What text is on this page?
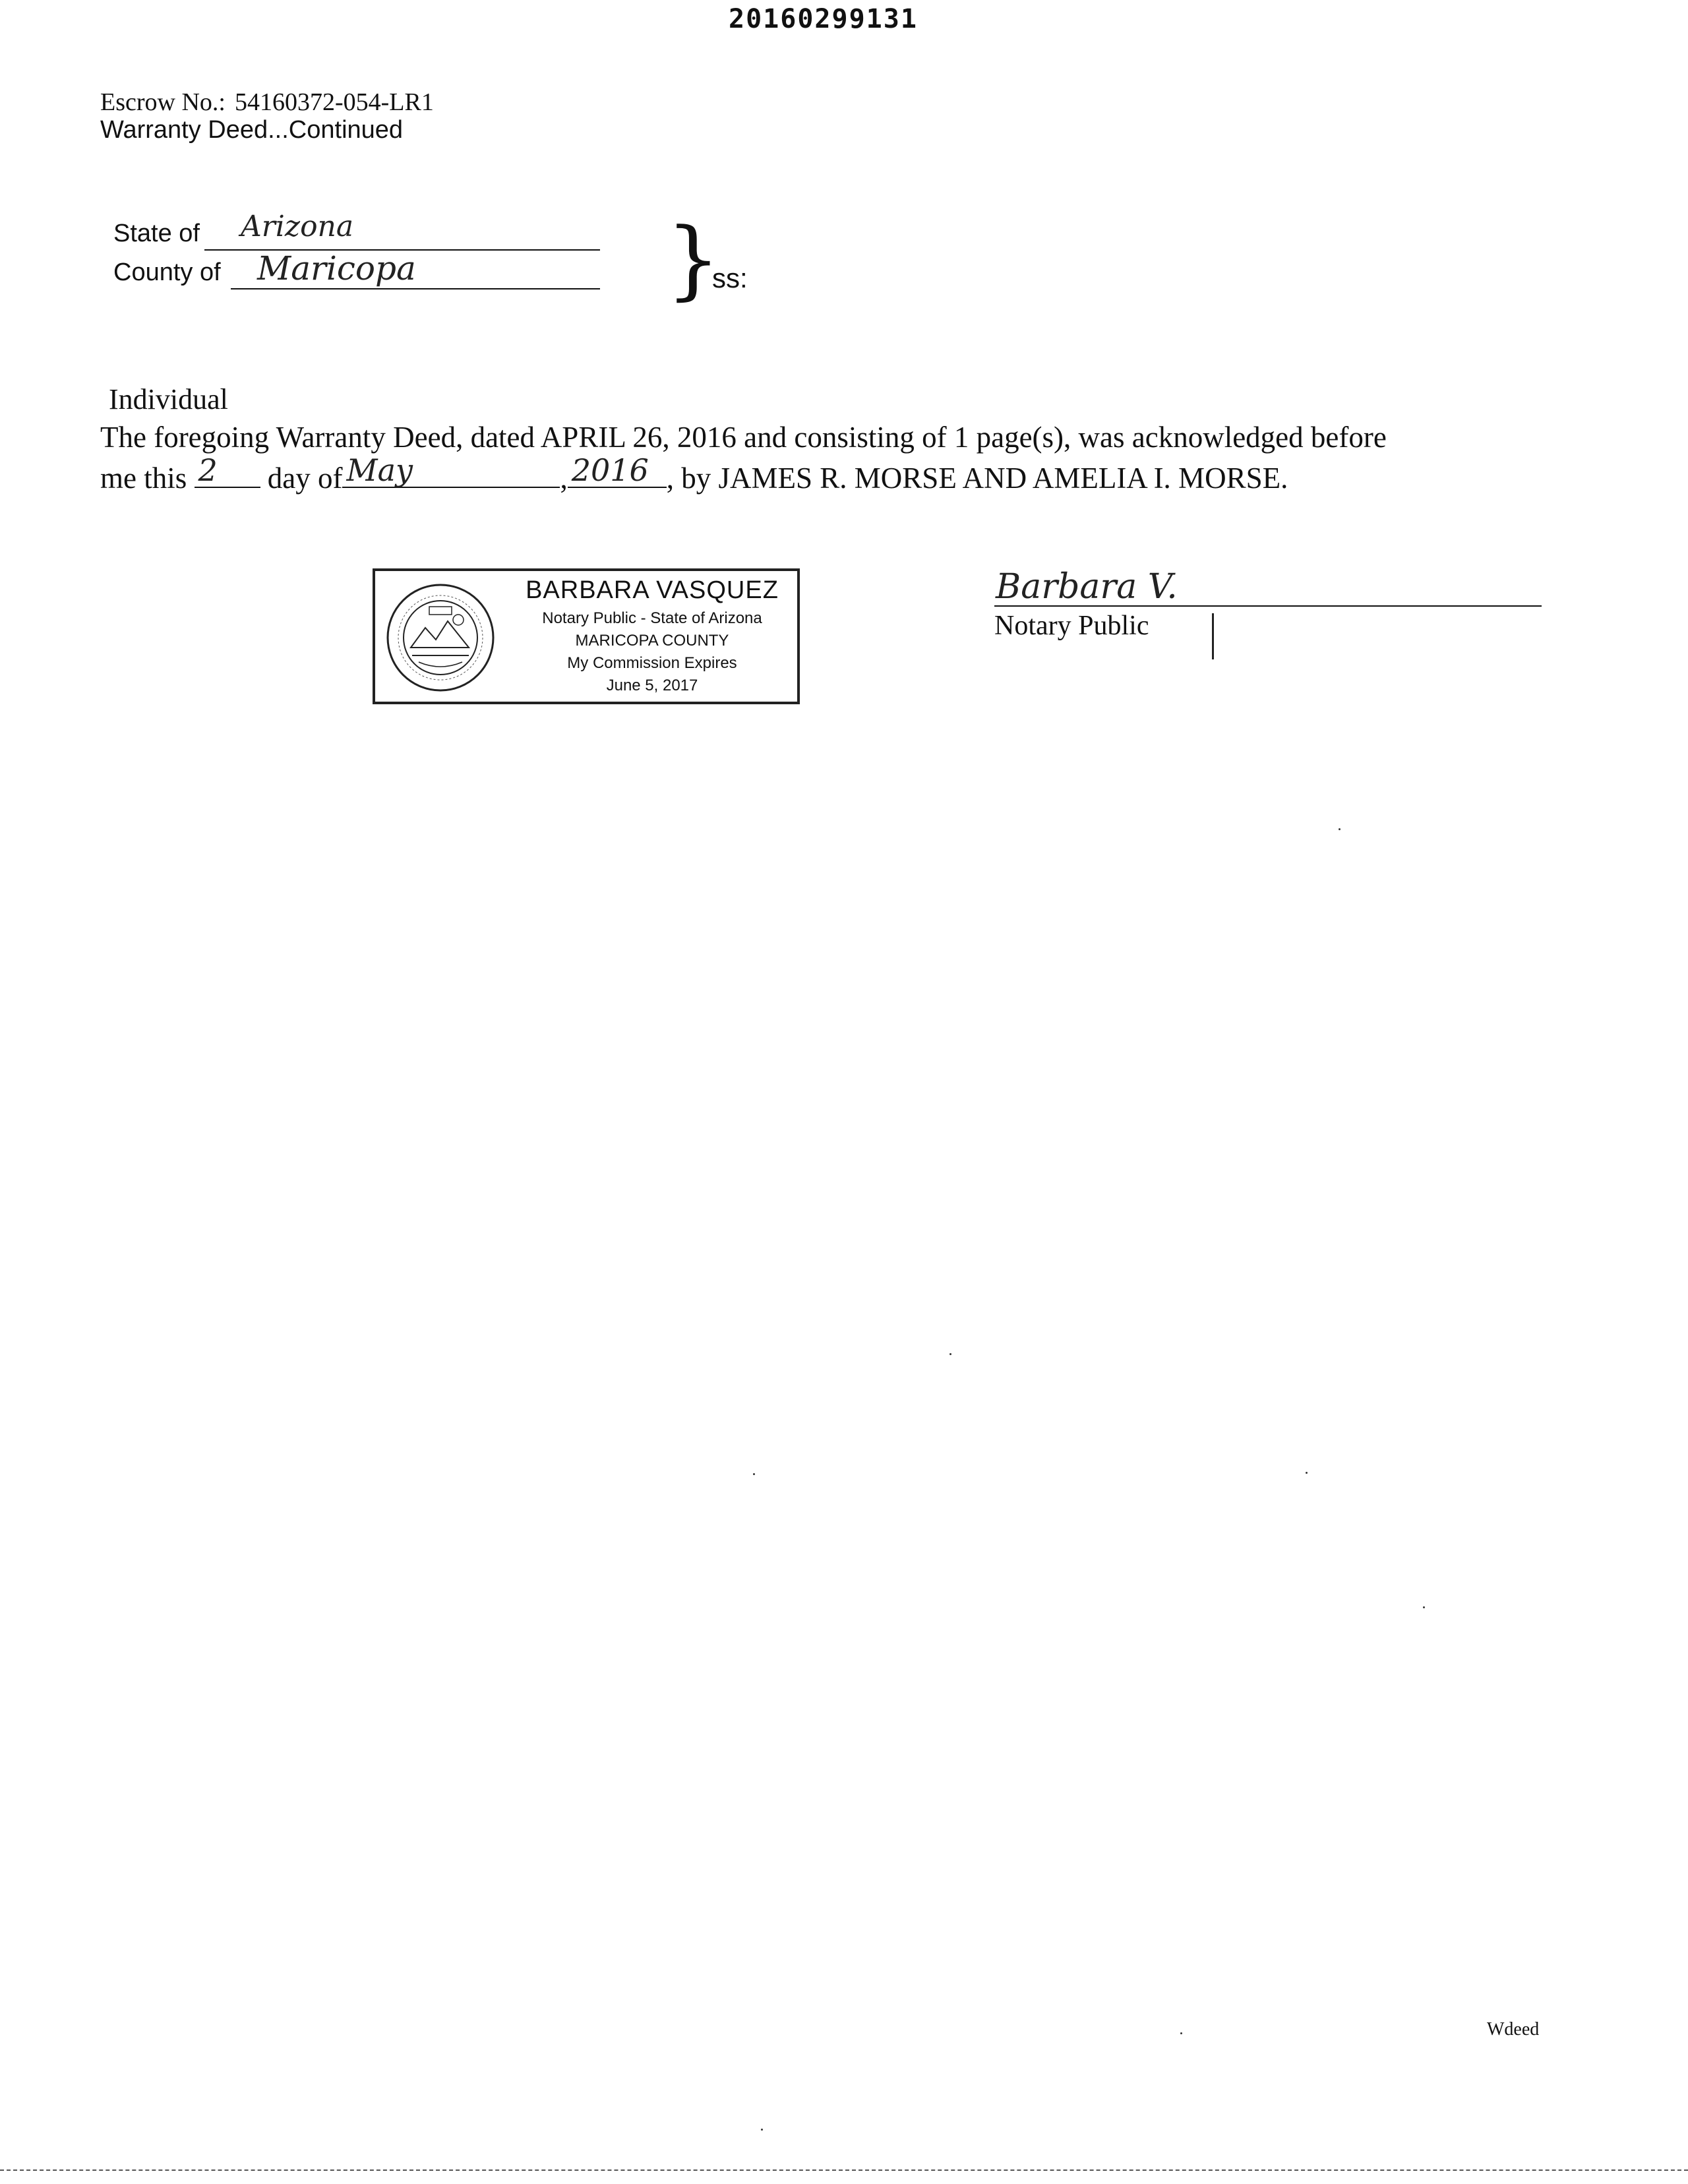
20160299131
Escrow No.: 54160372-054-LR1
Warranty Deed...Continued
State of Arizona
County of Maricopa	}
ss:
Individual
The foregoing Warranty Deed, dated APRIL 26, 2016 and consisting of 1 page(s), was acknowledged before
me this 2 day of May	, 2016 , by JAMES R. MORSE AND AMELIA I. MORSE.
BARBARA VASQUEZ
Notary Public - State of Arizona
MARICOPA COUNTY
My Commission Expires
June 5, 2017
Barbara V.
Notary Public
Wdeed
